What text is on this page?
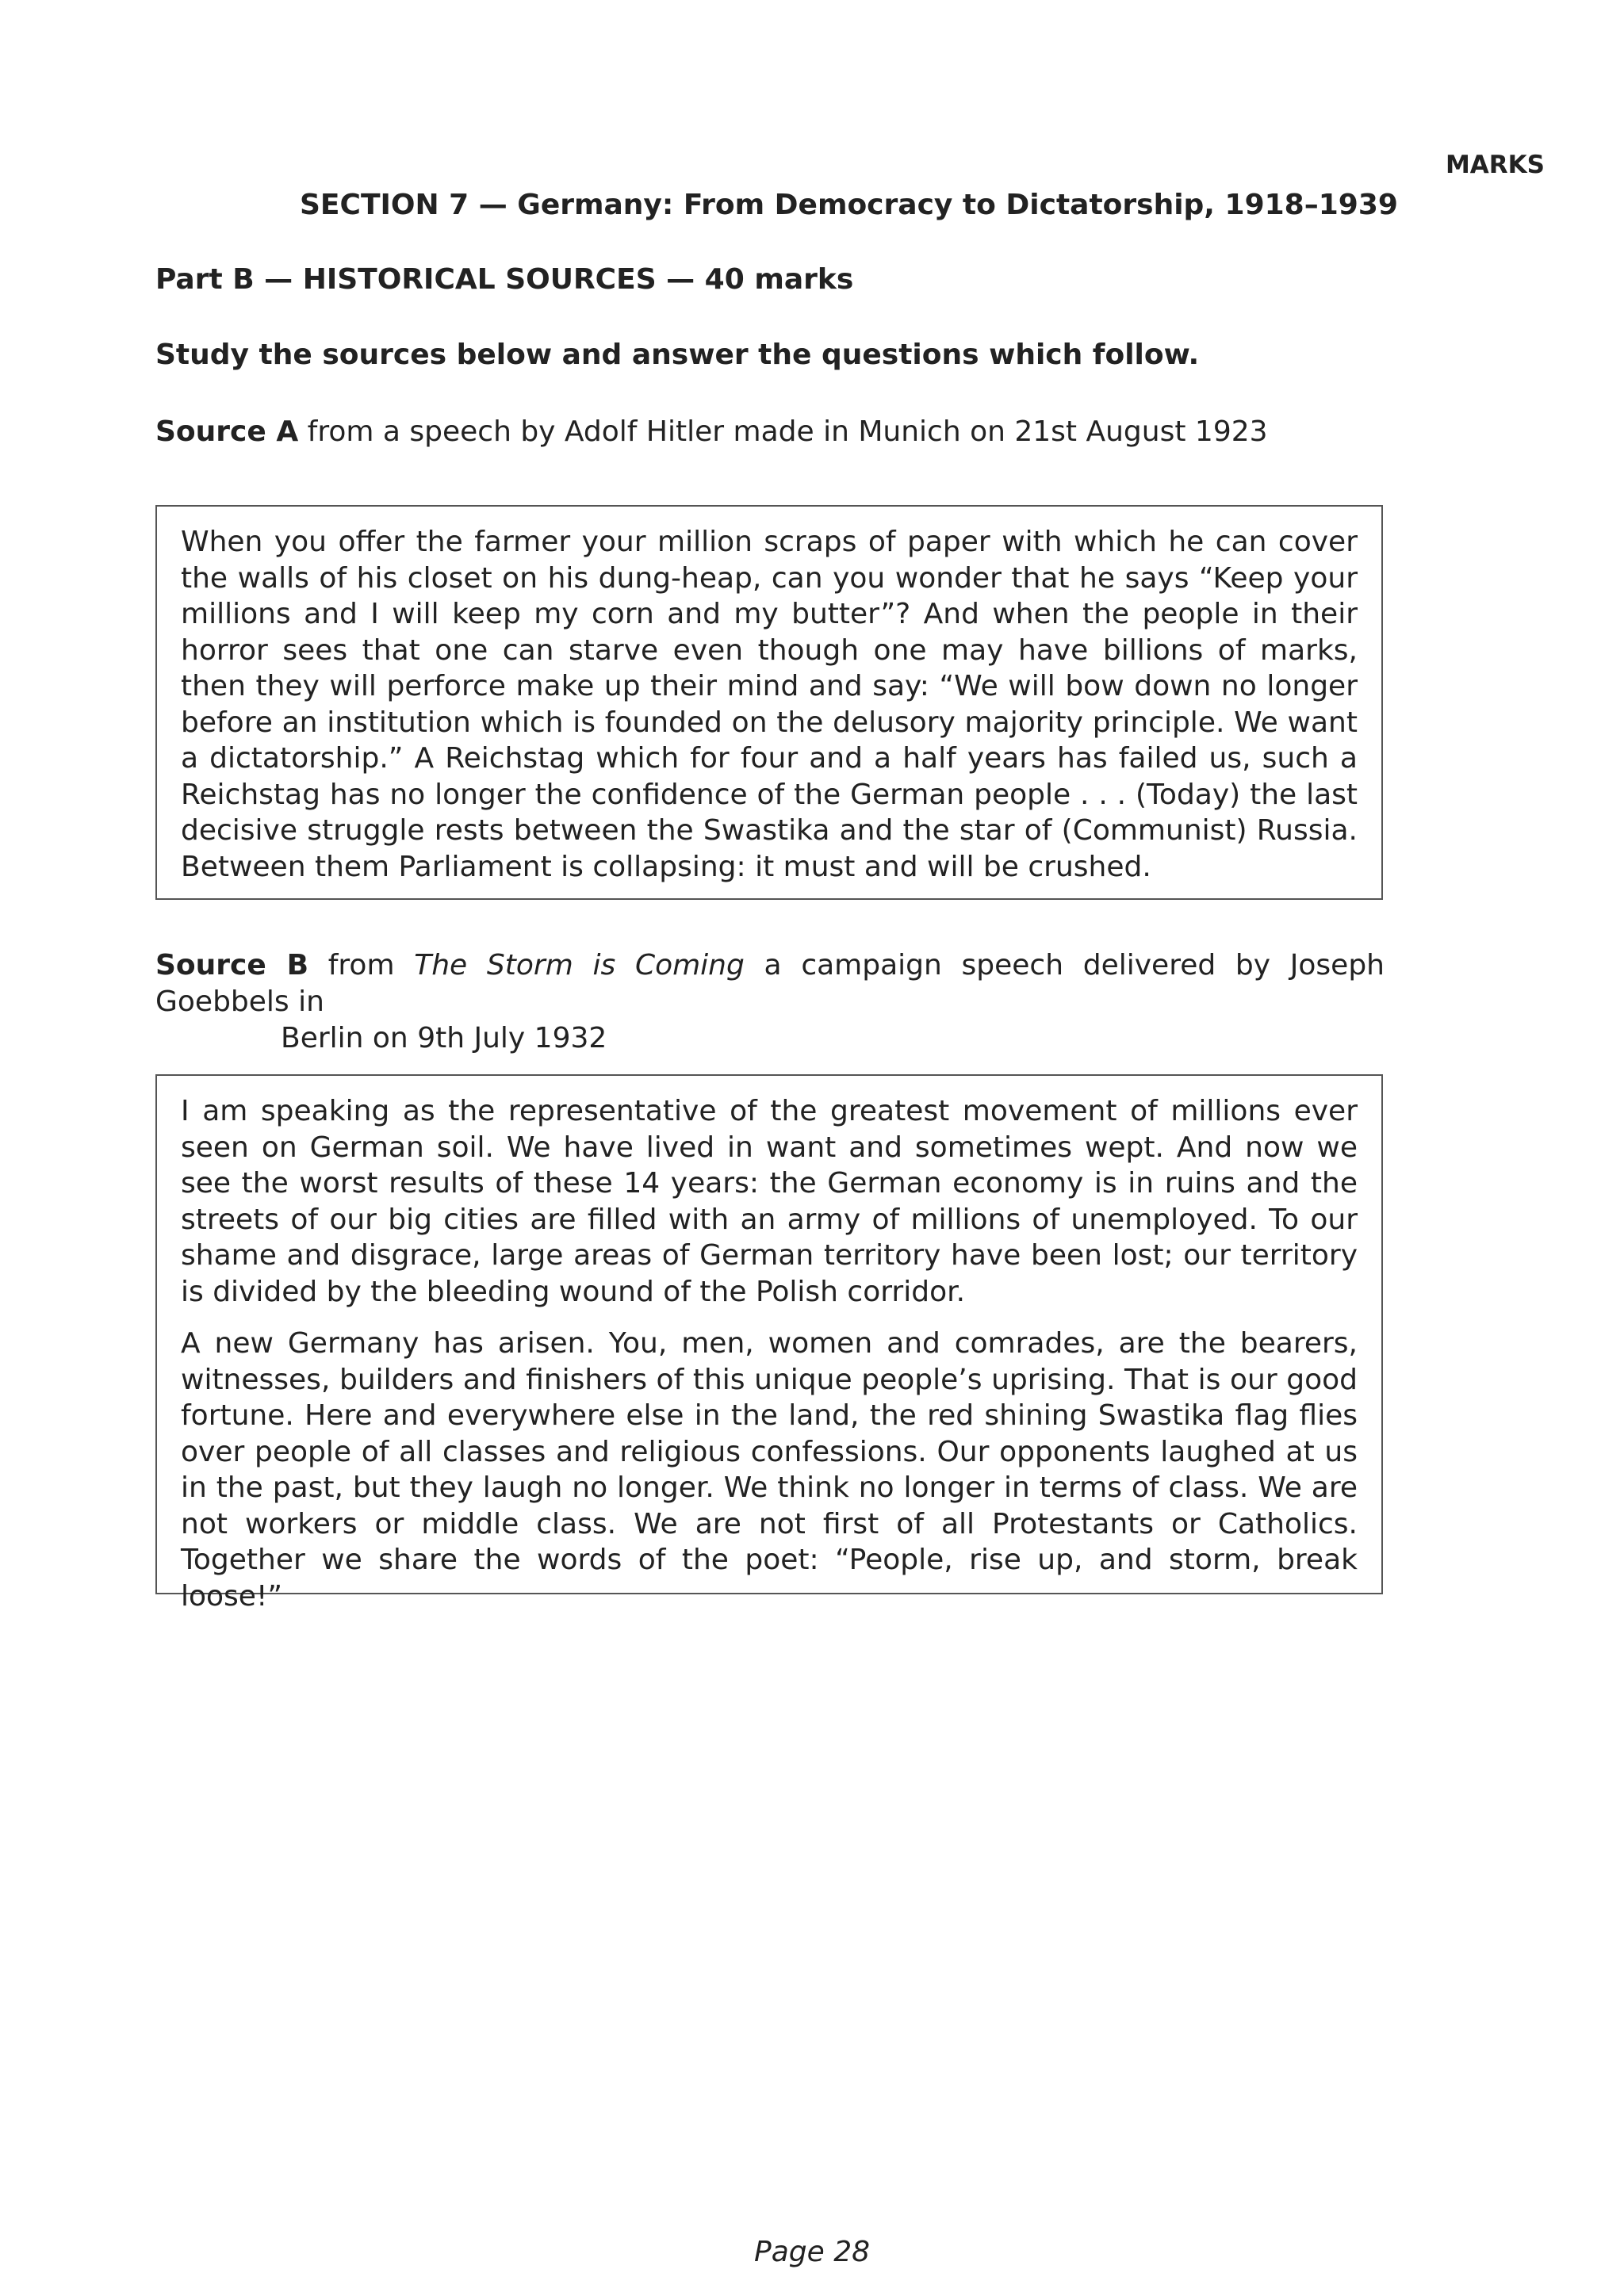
MARKS
SECTION 7 — Germany: From Democracy to Dictatorship, 1918–1939
Part B — HISTORICAL SOURCES — 40 marks
Study the sources below and answer the questions which follow.
Source A from a speech by Adolf Hitler made in Munich on 21st August 1923

When you offer the farmer your million scraps of paper with which he can cover the walls of his closet on his dung-heap, can you wonder that he says “Keep your millions and I will keep my corn and my butter”? And when the people in their horror sees that one can starve even though one may have billions of marks, then they will perforce make up their mind and say: “We will bow down no longer before an institution which is founded on the delusory majority principle. We want a dictatorship.” A Reichstag which for four and a half years has failed us, such a Reichstag has no longer the confidence of the German people . . . (Today) the last decisive struggle rests between the Swastika and the star of (Communist) Russia. Between them Parliament is collapsing: it must and will be crushed.

Source B from The Storm is Coming a campaign speech delivered by Joseph Goebbels in
Berlin on 9th July 1932

I am speaking as the representative of the greatest movement of millions ever seen on German soil. We have lived in want and sometimes wept. And now we see the worst results of these 14 years: the German economy is in ruins and the streets of our big cities are filled with an army of millions of unemployed. To our shame and disgrace, large areas of German territory have been lost; our territory is divided by the bleeding wound of the Polish corridor.

A new Germany has arisen. You, men, women and comrades, are the bearers, witnesses, builders and finishers of this unique people’s uprising. That is our good fortune. Here and everywhere else in the land, the red shining Swastika flag flies over people of all classes and religious confessions. Our opponents laughed at us in the past, but they laugh no longer. We think no longer in terms of class. We are not workers or middle class. We are not first of all Protestants or Catholics. Together we share the words of the poet: “People, rise up, and storm, break loose!”

Page 28
